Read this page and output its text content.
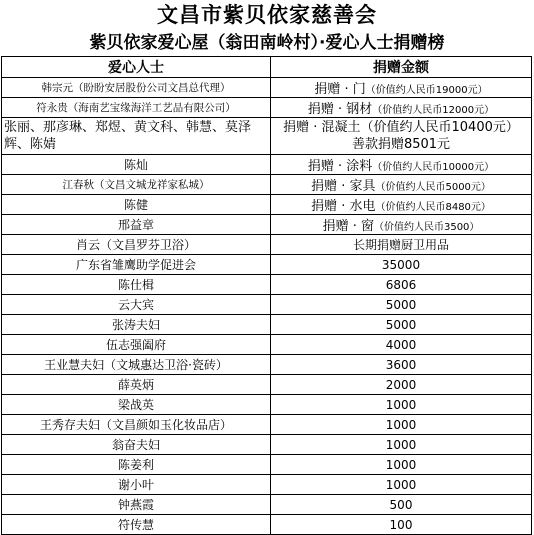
文昌市紫贝依家慈善会
紫贝依家爱心屋（翁田南岭村）·爱心人士捐赠榜
爱心人士	捐赠金额
韩宗元（盼盼安居股份公司文昌总代理）	捐赠 · 门（价值约人民币19000元）
符永贵（海南艺宝缘海洋工艺品有限公司）	捐赠 · 钢材（价值约人民币12000元）
张丽、那彦琳、郑煜、黄文科、韩慧、莫泽辉、陈婧	捐赠 · 混凝土（价值约人民币10400元）
善款捐赠8501元

陈灿	捐赠 · 涂料（价值约人民币10000元）
江春秋（文昌文城龙祥家私城）	捐赠 · 家具（价值约人民币5000元）
陈健	捐赠 · 水电（价值约人民币8480元）
邢益章	捐赠 · 窗（价值约人民币3500）
肖云（文昌罗芬卫浴）	长期捐赠厨卫用品
广东省雏鹰助学促进会	35000
陈仕楫	6806
云大宾	5000
张涛夫妇	5000
伍志强阖府	4000
王业慧夫妇（文城惠达卫浴·瓷砖）	3600
薛英炳	2000
梁战英	1000
王秀存夫妇（文昌颜如玉化妆品店）	1000
翁奋夫妇	1000
陈姜利	1000
谢小叶	1000
钟燕霞	500
符传慧	100
